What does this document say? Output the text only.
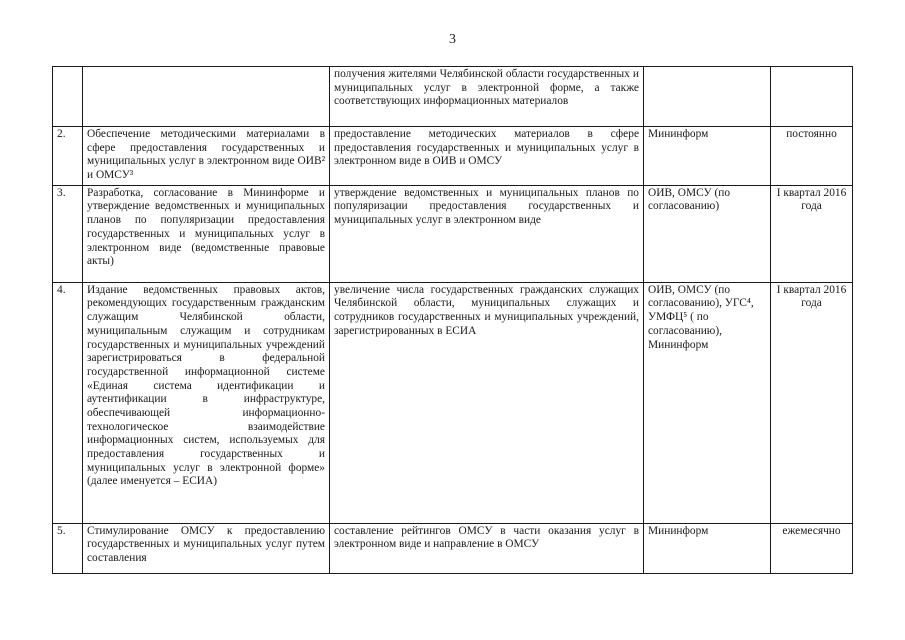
3
		получения жителями Челябинской области государственных и муниципальных услуг в электронной форме, а также соответствующих информационных материалов		
2.	Обеспечение методическими материалами в сфере предоставления государственных и муниципальных услуг в электронном виде ОИВ² и ОМСУ³	предоставление методических материалов в сфере предоставления государственных и муниципальных услуг в электронном виде в ОИВ и ОМСУ	Мининформ	постоянно
3.	Разработка, согласование в Мининформе и утверждение ведомственных и муниципальных планов по популяризации предоставления государственных и муниципальных услуг в электронном виде (ведомственные правовые акты)	утверждение ведомственных и муниципальных планов по популяризации предоставления государственных и муниципальных услуг в электронном виде	ОИВ, ОМСУ (по согласованию)	I квартал 2016 года
4.	Издание ведомственных правовых актов, рекомендующих государственным гражданским служащим Челябинской области, муниципальным служащим и сотрудникам государственных и муниципальных учреждений зарегистрироваться в федеральной государственной информационной системе «Единая система идентификации и аутентификации в инфраструктуре, обеспечивающей информационно-технологическое взаимодействие информационных систем, используемых для предоставления государственных и муниципальных услуг в электронной форме» (далее именуется – ЕСИА)	увеличение числа государственных гражданских служащих Челябинской области, муниципальных служащих и сотрудников государственных и муниципальных учреждений, зарегистрированных в ЕСИА	ОИВ, ОМСУ (по согласованию), УГС⁴, УМФЦ⁵ ( по согласованию), Мининформ	I квартал 2016 года
5.	Стимулирование ОМСУ к предоставлению государственных и муниципальных услуг путем составления	составление рейтингов ОМСУ в части оказания услуг в электронном виде и направление в ОМСУ	Мининформ	ежемесячно
